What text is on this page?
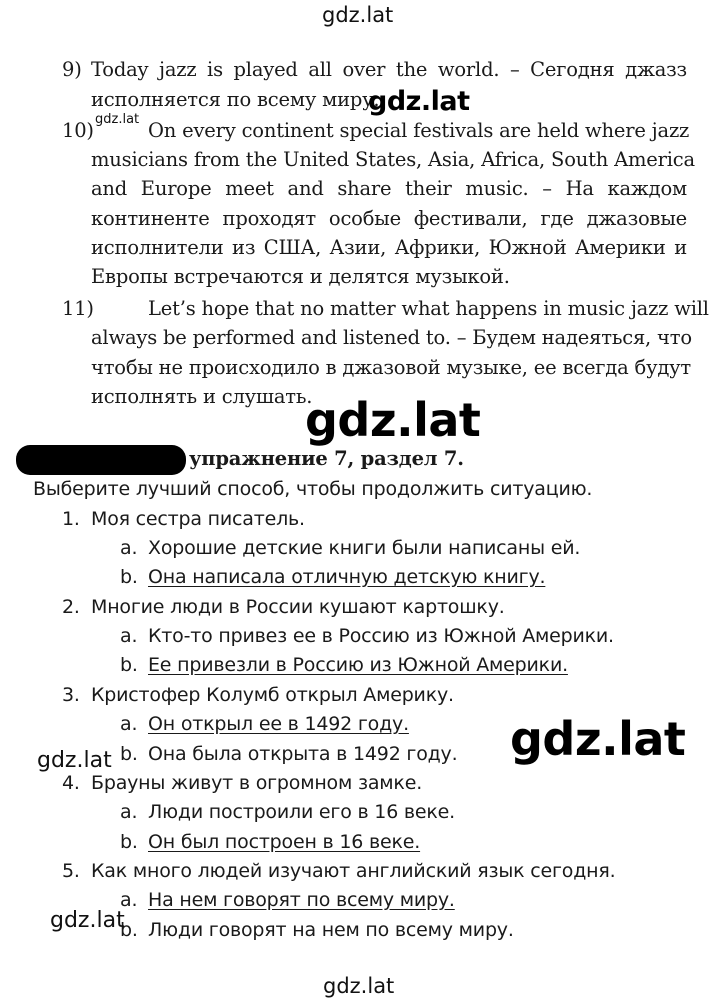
gdz.lat
9) Today jazz is played all over the world. – Сегодня джазз
исполняется по всему миру.
gdz.lat
10) gdz.lat On every continent special festivals are held where jazz
musicians from the United States, Asia, Africa, South America
and Europe meet and share their music. – На каждом
континенте проходят особые фестивали, где джазовые
исполнители из США, Азии, Африки, Южной Америки и
Европы встречаются и делятся музыкой.
11)	Let’s hope that no matter what happens in music jazz will
always be performed and listened to. – Будем надеяться, что
чтобы не происходило в джазовой музыке, ее всегда будут
исполнять и слушать.
gdz.lat
упражнение 7, раздел 7.
Выберите лучший способ, чтобы продолжить ситуацию.
1. Моя сестра писатель.
a. Хорошие детские книги были написаны ей.
b. Она написала отличную детскую книгу.
2. Многие люди в России кушают картошку.
a. Кто-то привез ее в Россию из Южной Америки.
b. Ее привезли в Россию из Южной Америки.
3. Кристофер Колумб открыл Америку.
a. Он открыл ее в 1492 году.
b. Она была открыта в 1492 году.
gdz.lat	gdz.lat
4. Брауны живут в огромном замке.
a. Люди построили его в 16 веке.
b. Он был построен в 16 веке.
5. Как много людей изучают английский язык сегодня.
a. На нем говорят по всему миру.
b. Люди говорят на нем по всему миру.
gdz.lat
gdz.lat
